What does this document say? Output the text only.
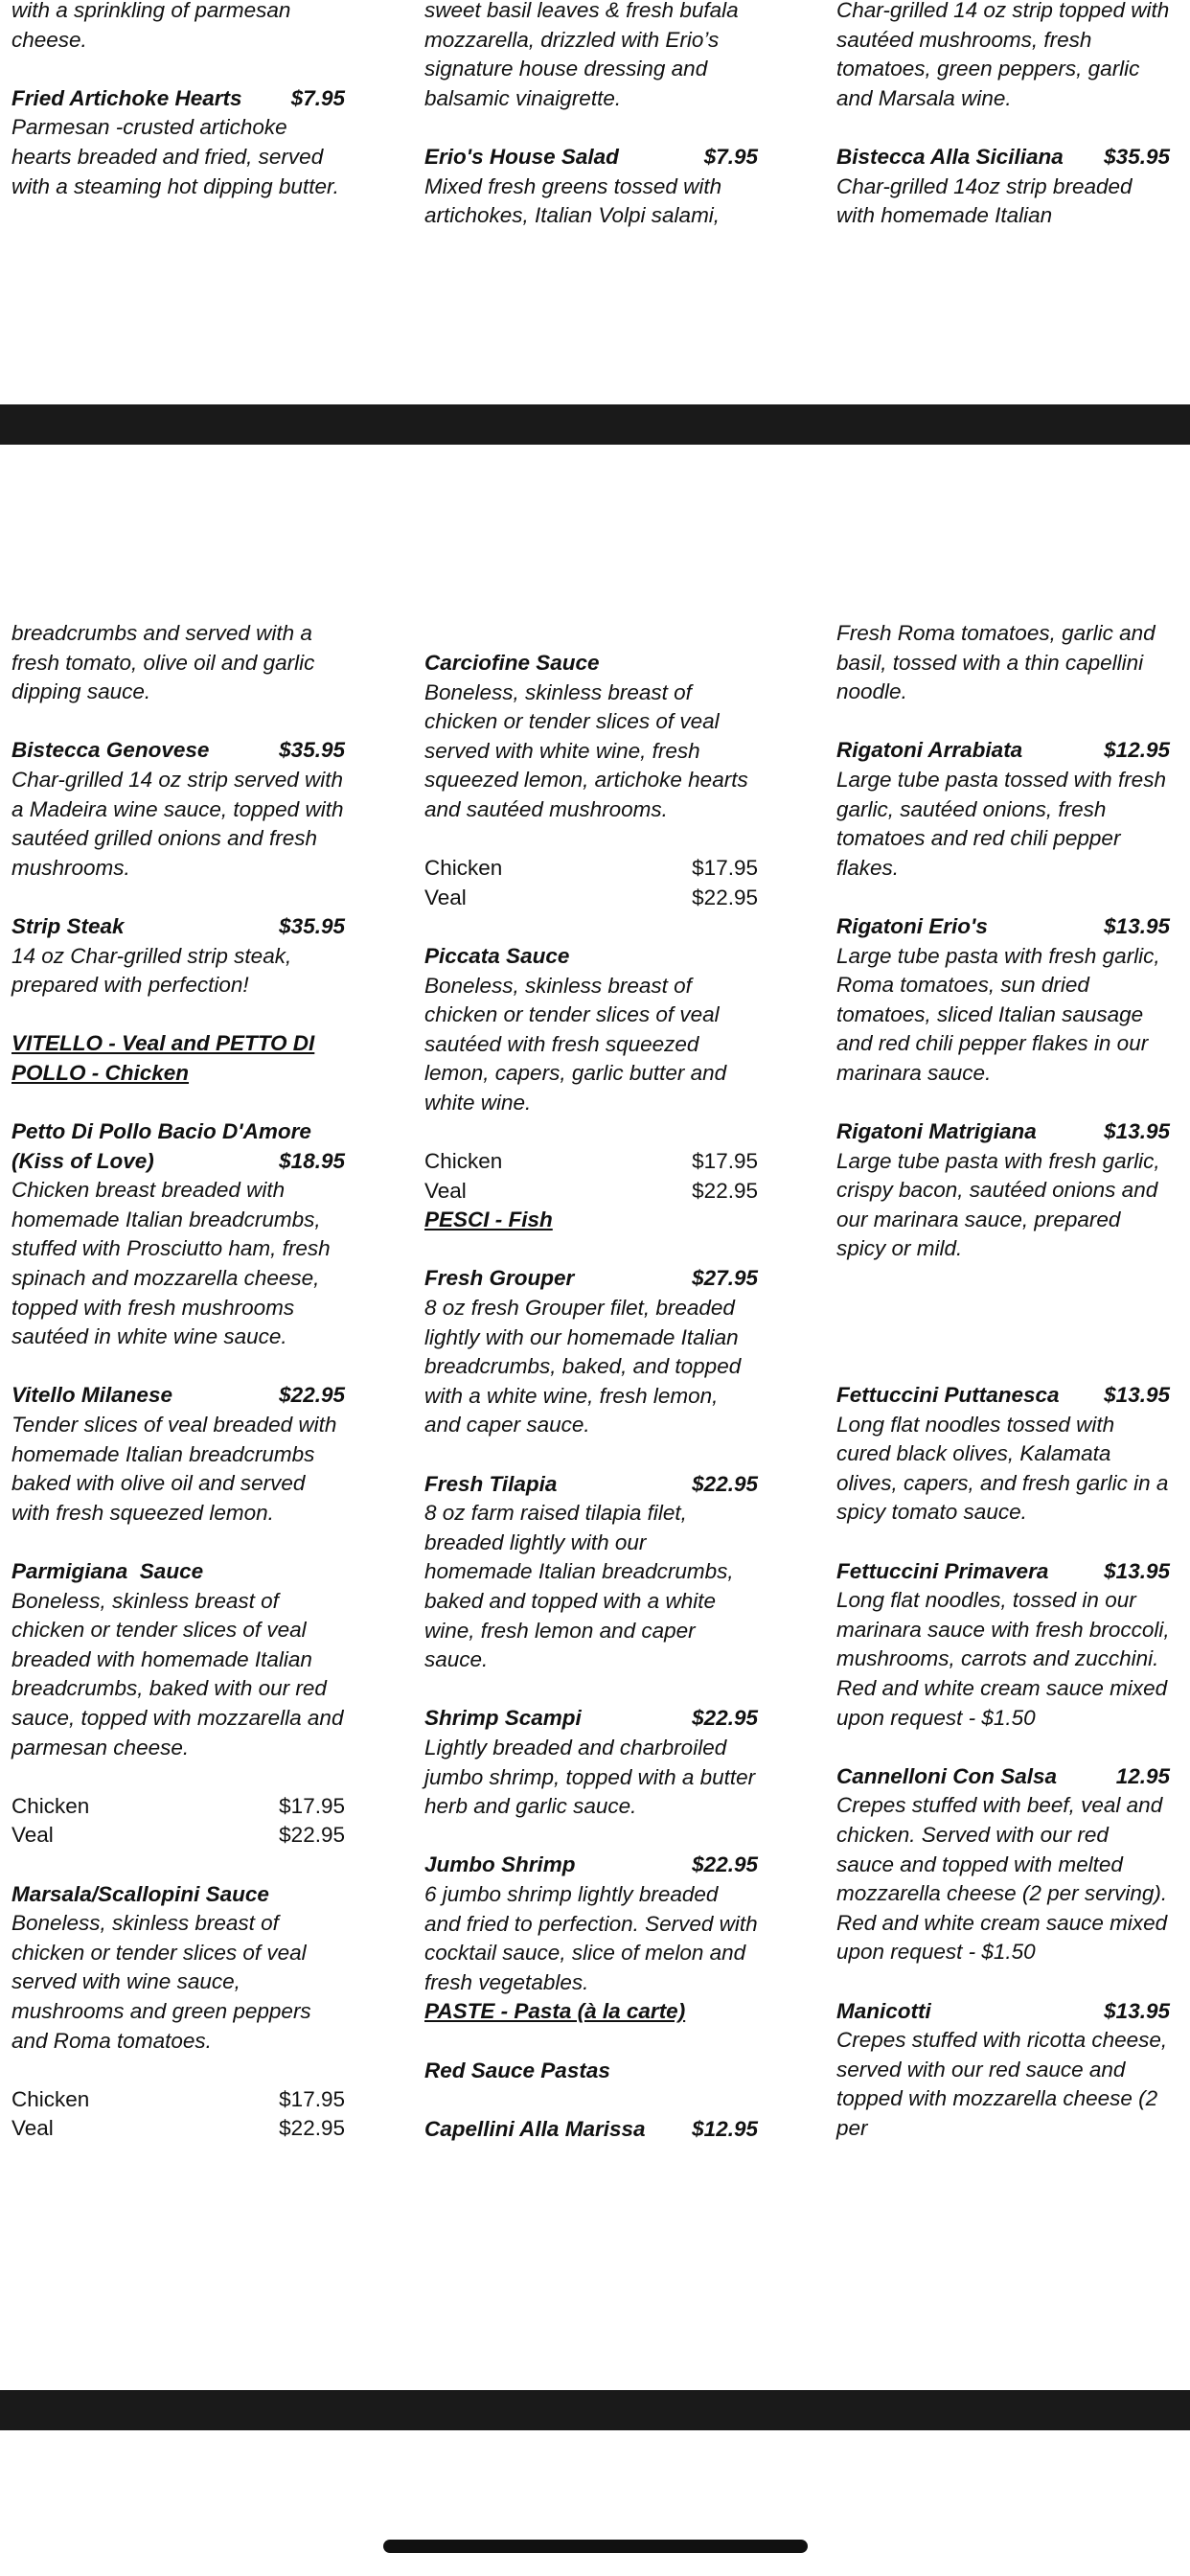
with a sprinkling of parmesan cheese.

Fried Artichoke Hearts $7.95

Parmesan -crusted artichoke hearts breaded and fried, served with a steaming hot dipping butter.

sweet basil leaves & fresh bufala mozzarella, drizzled with Erio’s signature house dressing and balsamic vinaigrette.

Erio's House Salad	$7.95

Mixed fresh greens tossed with artichokes, Italian Volpi salami,

Char-grilled 14 oz strip topped with sautéed mushrooms, fresh tomatoes, green peppers, garlic and Marsala wine.

Bistecca Alla Siciliana $35.95

Char-grilled 14oz strip breaded with homemade Italian

breadcrumbs and served with a fresh tomato, olive oil and garlic dipping sauce.

Bistecca Genovese	$35.95

Char-grilled 14 oz strip served with a Madeira wine sauce, topped with sautéed grilled onions and fresh mushrooms.

Strip Steak	$35.95

14 oz Char-grilled strip steak, prepared with perfection!

VITELLO - Veal and PETTO DI POLLO - Chicken

Petto Di Pollo Bacio D'Amore (Kiss of Love)	$18.95

Chicken breast breaded with homemade Italian breadcrumbs, stuffed with Prosciutto ham, fresh spinach and mozzarella cheese, topped with fresh mushrooms sautéed in white wine sauce.

Vitello Milanese	$22.95

Tender slices of veal breaded with homemade Italian breadcrumbs baked with olive oil and served with fresh squeezed lemon.

Parmigiana  Sauce

Boneless, skinless breast of chicken or tender slices of veal breaded with homemade Italian breadcrumbs, baked with our red sauce, topped with mozzarella and parmesan cheese.

Chicken	$17.95

Veal	$22.95

Marsala/Scallopini Sauce

Boneless, skinless breast of chicken or tender slices of veal served with wine sauce, mushrooms and green peppers and Roma tomatoes.

Chicken	$17.95

Veal	$22.95

Carciofine Sauce

Boneless, skinless breast of chicken or tender slices of veal served with white wine, fresh squeezed lemon, artichoke hearts and sautéed mushrooms.

Chicken	$17.95

Veal	$22.95

Piccata Sauce

Boneless, skinless breast of chicken or tender slices of veal sautéed with fresh squeezed lemon, capers, garlic butter and white wine.

Chicken	$17.95

Veal	$22.95

PESCI - Fish

Fresh Grouper	$27.95

8 oz fresh Grouper filet, breaded lightly with our homemade Italian breadcrumbs, baked, and topped with a white wine, fresh lemon, and caper sauce.

Fresh Tilapia	$22.95

8 oz farm raised tilapia filet, breaded lightly with our homemade Italian breadcrumbs, baked and topped with a white wine, fresh lemon and caper sauce.

Shrimp Scampi	$22.95

Lightly breaded and charbroiled jumbo shrimp, topped with a butter herb and garlic sauce.

Jumbo Shrimp	$22.95

6 jumbo shrimp lightly breaded and fried to perfection. Served with cocktail sauce, slice of melon and fresh vegetables.

PASTE - Pasta (à la carte)

Red Sauce Pastas

Capellini Alla Marissa $12.95

Fresh Roma tomatoes, garlic and basil, tossed with a thin capellini noodle.

Rigatoni Arrabiata	$12.95

Large tube pasta tossed with fresh garlic, sautéed onions, fresh tomatoes and red chili pepper flakes.

Rigatoni Erio's	$13.95

Large tube pasta with fresh garlic, Roma tomatoes, sun dried tomatoes, sliced Italian sausage and red chili pepper flakes in our marinara sauce.

Rigatoni Matrigiana	$13.95

Large tube pasta with fresh garlic, crispy bacon, sautéed onions and our marinara sauce, prepared spicy or mild.

Fettuccini Puttanesca $13.95

Long flat noodles tossed with cured black olives, Kalamata olives, capers, and fresh garlic in a spicy tomato sauce.

Fettuccini Primavera	$13.95

Long flat noodles, tossed in our marinara sauce with fresh broccoli, mushrooms, carrots and zucchini. Red and white cream sauce mixed upon request - $1.50

Cannelloni Con Salsa	12.95

Crepes stuffed with beef, veal and chicken. Served with our red sauce and topped with melted mozzarella cheese (2 per serving). Red and white cream sauce mixed upon request - $1.50

Manicotti	$13.95

Crepes stuffed with ricotta cheese, served with our red sauce and topped with mozzarella cheese (2 per
